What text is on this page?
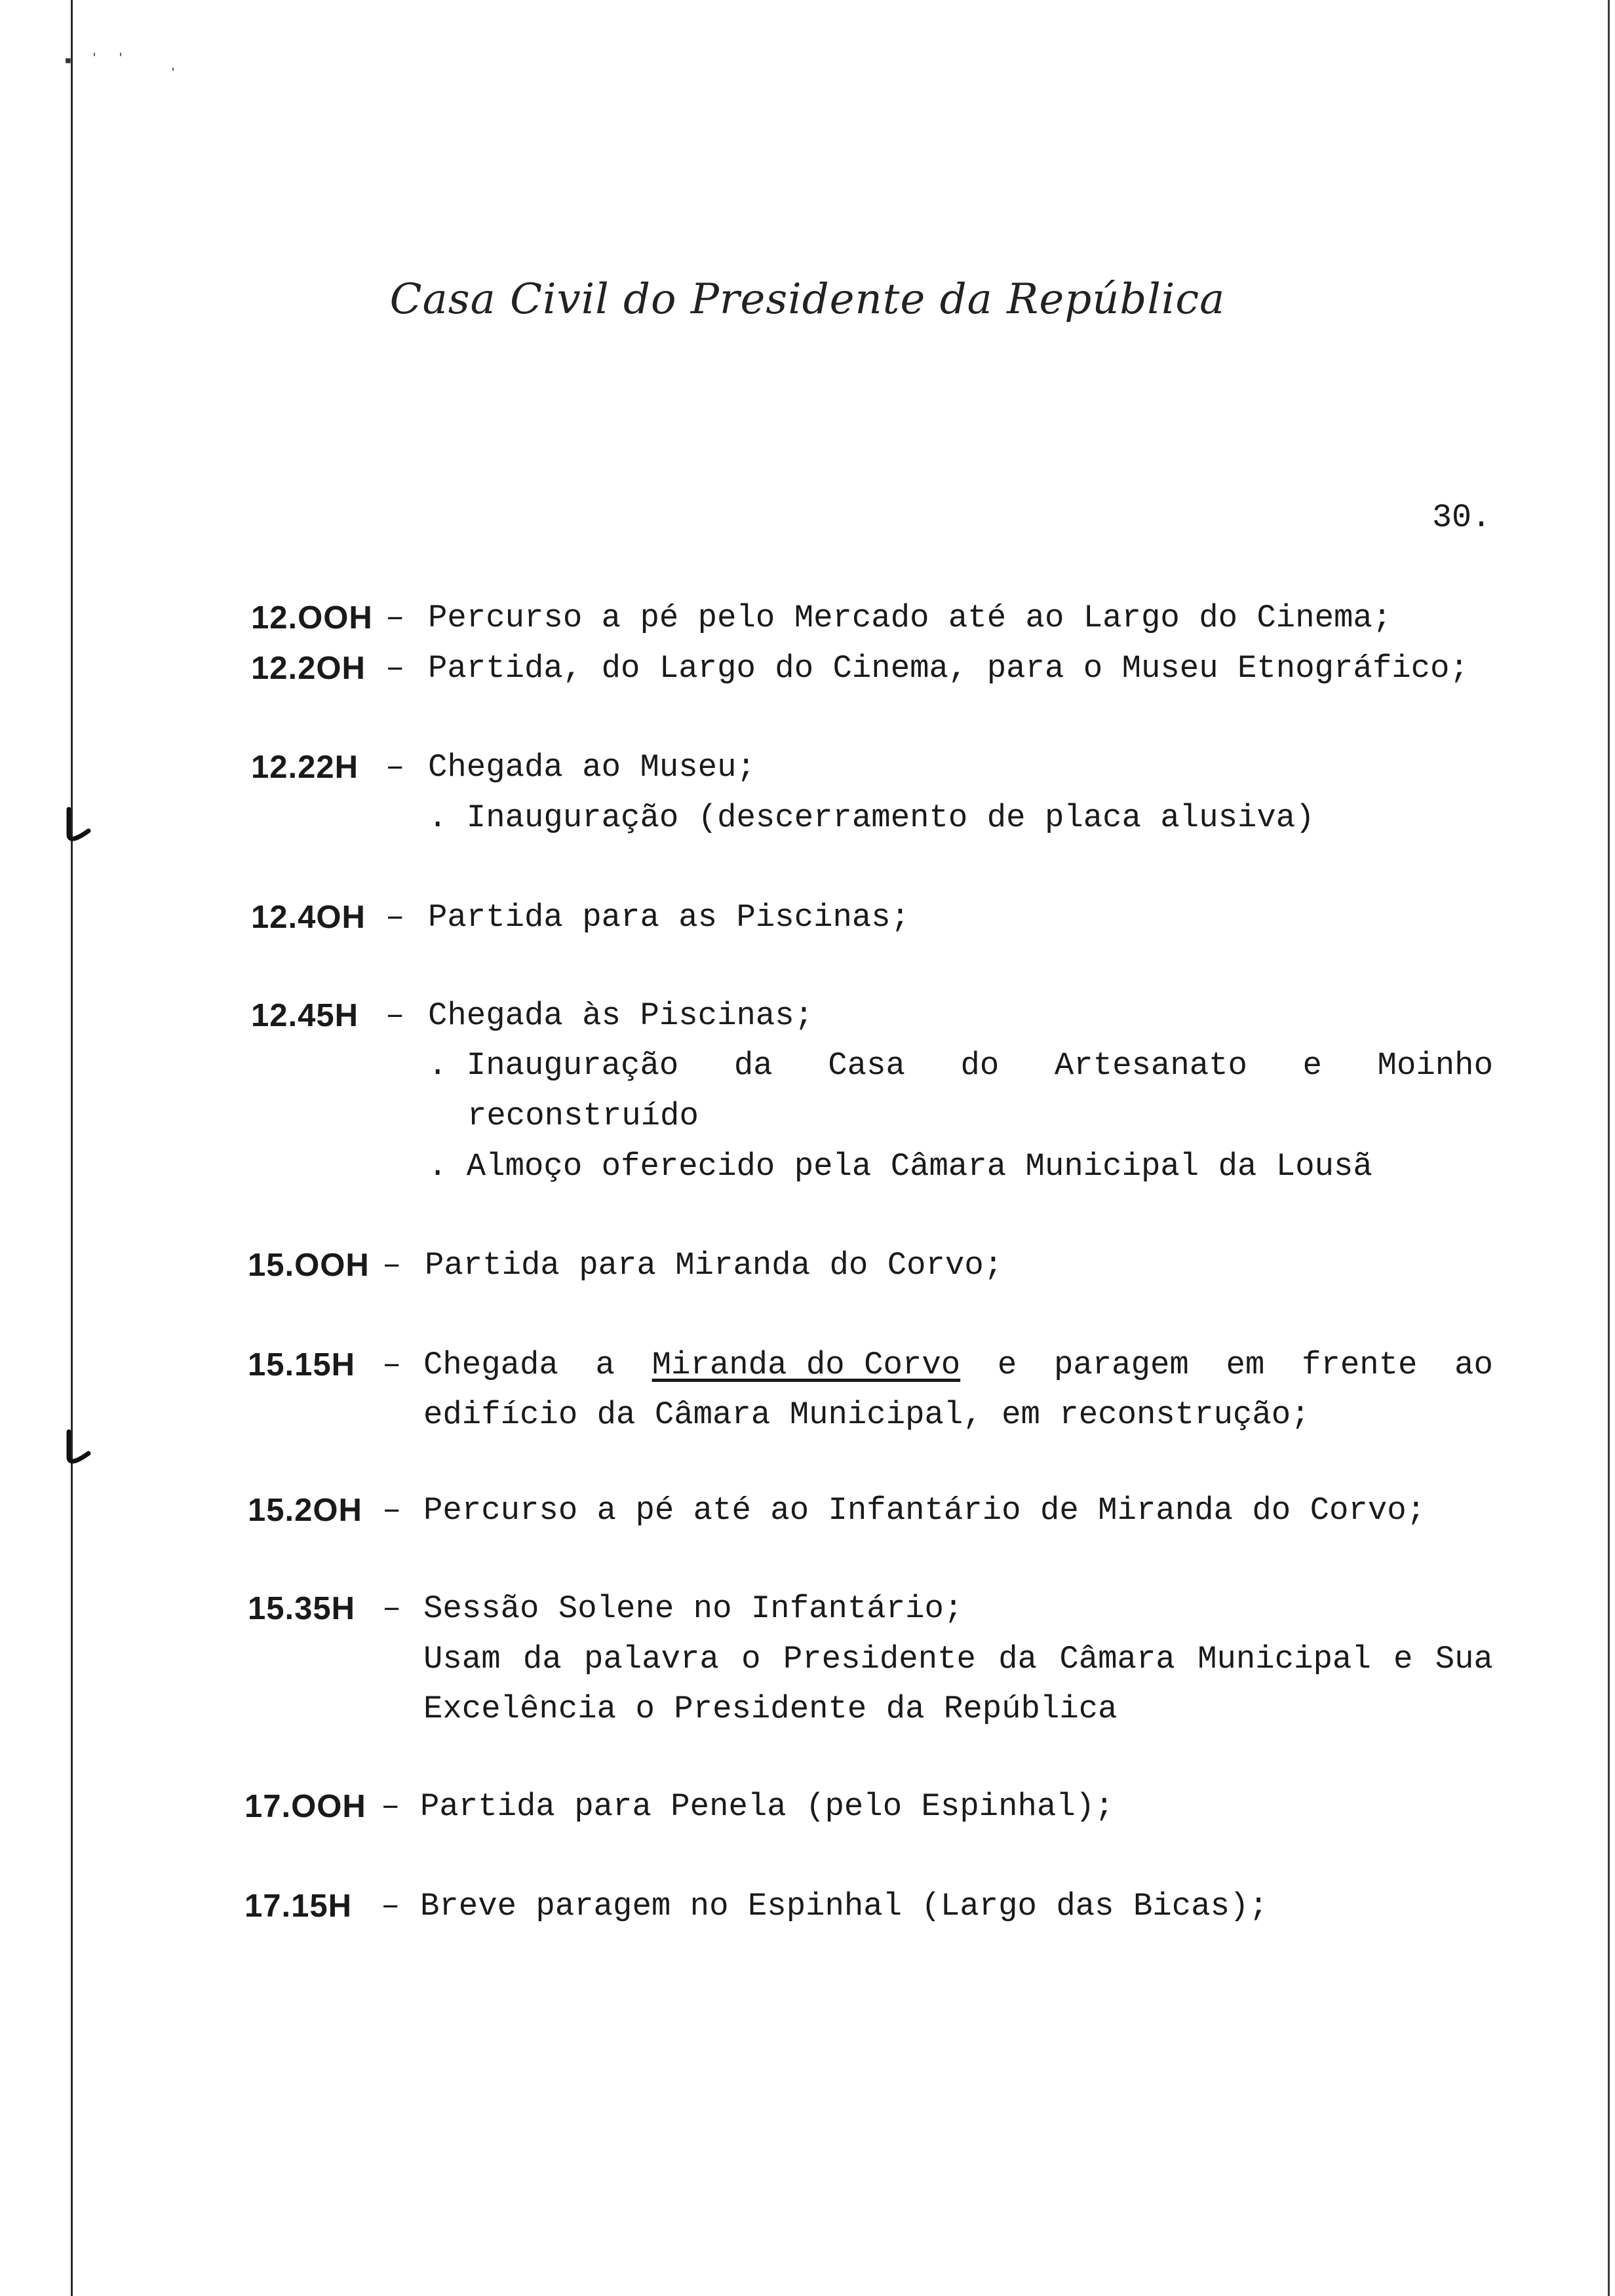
▪ˈˈ ˌ
Casa Civil do Presidente da República
30.

12.OOH

–

Percurso a pé pelo Mercado até ao Largo do Cinema;

12.2OH

–

Partida, do Largo do Cinema, para o Museu Etnográfico;

12.22H

–

Chegada ao Museu;

. Inauguração (descerramento de placa alusiva)

12.4OH

–

Partida para as Piscinas;

12.45H

–

Chegada às Piscinas;

. Inauguração da Casa do Artesanato e Moinho
reconstruído
. Almoço oferecido pela Câmara Municipal da Lousã

15.OOH

–

Partida para Miranda do Corvo;

15.15H

–

Chegada a Miranda do Corvo e paragem em frente ao

edifício da Câmara Municipal, em reconstrução;

15.2OH

–

Percurso a pé até ao Infantário de Miranda do Corvo;

15.35H

–

Sessão Solene no Infantário;

Usam da palavra o Presidente da Câmara Municipal e Sua
Excelência o Presidente da República

17.OOH

–

Partida para Penela (pelo Espinhal);

17.15H

–

Breve paragem no Espinhal (Largo das Bicas);
